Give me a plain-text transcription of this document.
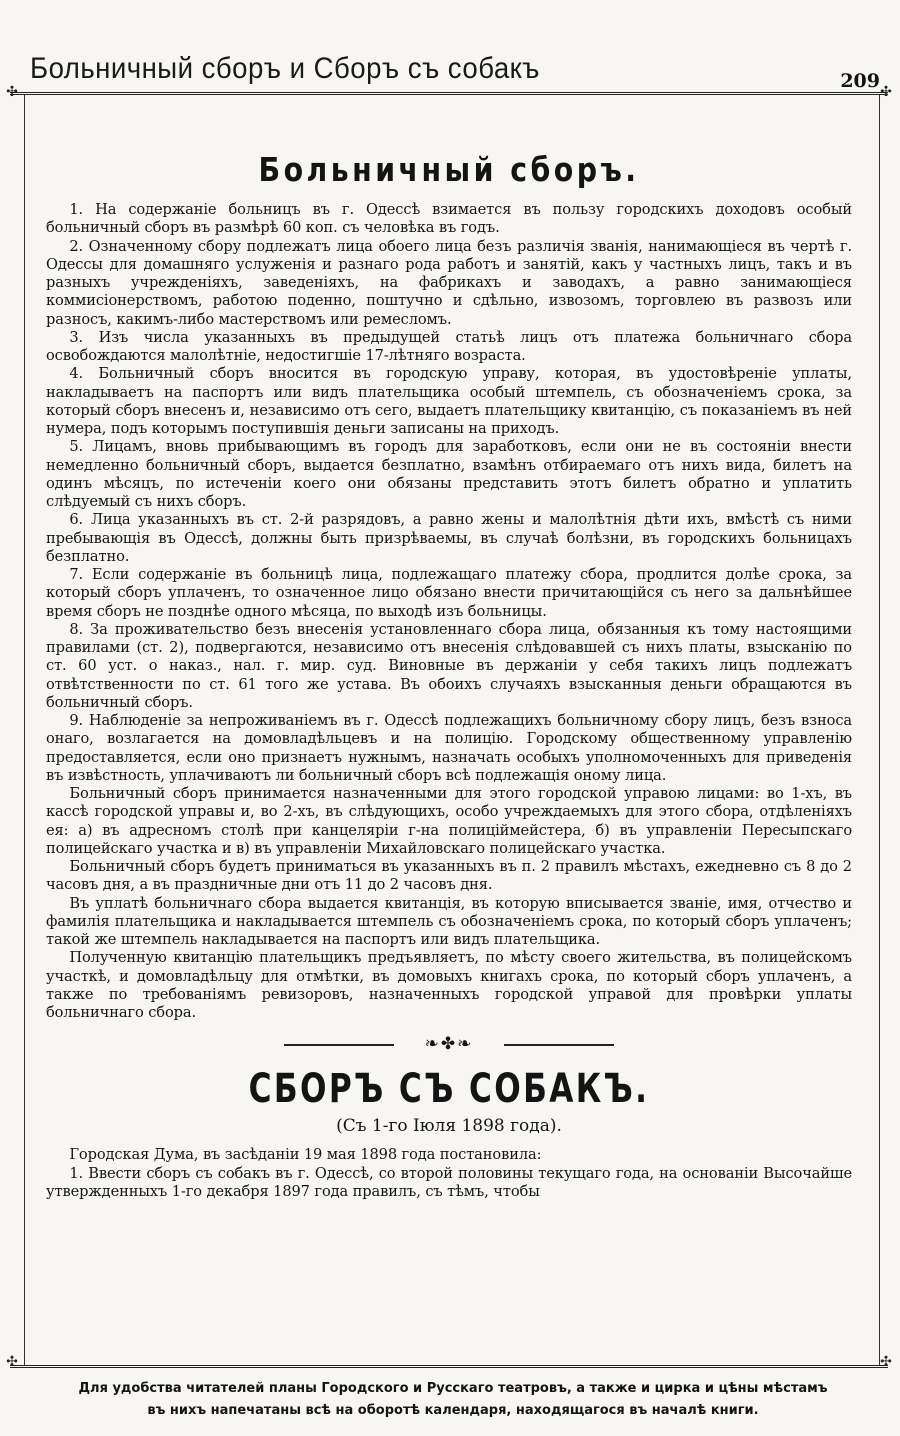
Больничный сборъ и Сборъ съ собакъ	209
✣	✣
✣	✣
Больничный сборъ.

1. На содержаніе больницъ въ г. Одессѣ взимается въ пользу городскихъ доходовъ особый больничный сборъ въ размѣрѣ 60 коп. съ человѣка въ годъ.

2. Означенному сбору подлежатъ лица обоего лица безъ различія званія, нанимающіеся въ чертѣ г. Одессы для домашняго услуженія и разнаго рода работъ и занятій, какъ у частныхъ лицъ, такъ и въ разныхъ учрежденіяхъ, заведеніяхъ, на фабрикахъ и заводахъ, а равно занимающіеся коммисіонерствомъ, работою поденно, поштучно и сдѣльно, извозомъ, торговлею въ развозъ или разносъ, какимъ-либо мастерствомъ или ремесломъ.

3. Изъ числа указанныхъ въ предыдущей статьѣ лицъ отъ платежа больничнаго сбора освобождаются малолѣтніе, недостигшіе 17-лѣтняго возраста.

4. Больничный сборъ вносится въ городскую управу, которая, въ удостовѣреніе уплаты, накладываетъ на паспортъ или видъ плательщика особый штемпель, съ обозначеніемъ срока, за который сборъ внесенъ и, независимо отъ сего, выдаетъ плательщику квитанцію, съ показаніемъ въ ней нумера, подъ которымъ поступившія деньги записаны на приходъ.

5. Лицамъ, вновь прибывающимъ въ городъ для заработковъ, если они не въ состояніи внести немедленно больничный сборъ, выдается безплатно, взамѣнъ отбираемаго отъ нихъ вида, билетъ на одинъ мѣсяцъ, по истеченіи коего они обязаны представить этотъ билетъ обратно и уплатить слѣдуемый съ нихъ сборъ.

6. Лица указанныхъ въ ст. 2-й разрядовъ, а равно жены и малолѣтнія дѣти ихъ, вмѣстѣ съ ними пребывающія въ Одессѣ, должны быть призрѣваемы, въ случаѣ болѣзни, въ городскихъ больницахъ безплатно.

7. Если содержаніе въ больницѣ лица, подлежащаго платежу сбора, продлится долѣе срока, за который сборъ уплаченъ, то означенное лицо обязано внести причитающійся съ него за дальнѣйшее время сборъ не позднѣе одного мѣсяца, по выходѣ изъ больницы.

8. За проживательство безъ внесенія установленнаго сбора лица, обязанныя къ тому настоящими правилами (ст. 2), подвергаются, независимо отъ внесенія слѣдовавшей съ нихъ платы, взысканію по ст. 60 уст. о наказ., нал. г. мир. суд. Виновные въ держаніи у себя такихъ лицъ подлежатъ отвѣтственности по ст. 61 того же устава. Въ обоихъ случаяхъ взысканныя деньги обращаются въ больничный сборъ.

9. Наблюденіе за непроживаніемъ въ г. Одессѣ подлежащихъ больничному сбору лицъ, безъ взноса онаго, возлагается на домовладѣльцевъ и на полицію. Городскому общественному управленію предоставляется, если оно признаетъ нужнымъ, назначать особыхъ уполномоченныхъ для приведенія въ извѣстность, уплачиваютъ ли больничный сборъ всѣ подлежащія оному лица.

Больничный сборъ принимается назначенными для этого городской управою лицами: во 1-хъ, въ кассѣ городской управы и, во 2-хъ, въ слѣдующихъ, особо учреждаемыхъ для этого сбора, отдѣленіяхъ ея: а) въ адресномъ столѣ при канцеляріи г-на полиціймейстера, б) въ управленіи Пересыпскаго полицейскаго участка и в) въ управленіи Михайловскаго полицейскаго участка.

Больничный сборъ будетъ приниматься въ указанныхъ въ п. 2 правилъ мѣстахъ, ежедневно съ 8 до 2 часовъ дня, а въ праздничные дни отъ 11 до 2 часовъ дня.

Въ уплатѣ больничнаго сбора выдается квитанція, въ которую вписывается званіе, имя, отчество и фамилія плательщика и накладывается штемпель съ обозначеніемъ срока, по который сборъ уплаченъ; такой же штемпель накладывается на паспортъ или видъ плательщика.

Полученную квитанцію плательщикъ предъявляетъ, по мѣсту своего жительства, въ полицейскомъ участкѣ, и домовладѣльцу для отмѣтки, въ домовыхъ книгахъ срока, по который сборъ уплаченъ, а также по требованіямъ ревизоровъ, назначенныхъ городской управой для провѣрки уплаты больничнаго сбора.

❧✤❧
СБОРЪ СЪ СОБАКЪ.
(Съ 1-го Іюля 1898 года).

Городская Дума, въ засѣданіи 19 мая 1898 года постановила:

1. Ввести сборъ съ собакъ въ г. Одессѣ, со второй половины текущаго года, на основаніи Высочайше утвержденныхъ 1-го декабря 1897 года правилъ, съ тѣмъ, чтобы

Для удобства читателей планы Городского и Русскаго театровъ, а также и цирка и цѣны мѣстамъ
въ нихъ напечатаны всѣ на оборотѣ календаря, находящагося въ началѣ книги.
